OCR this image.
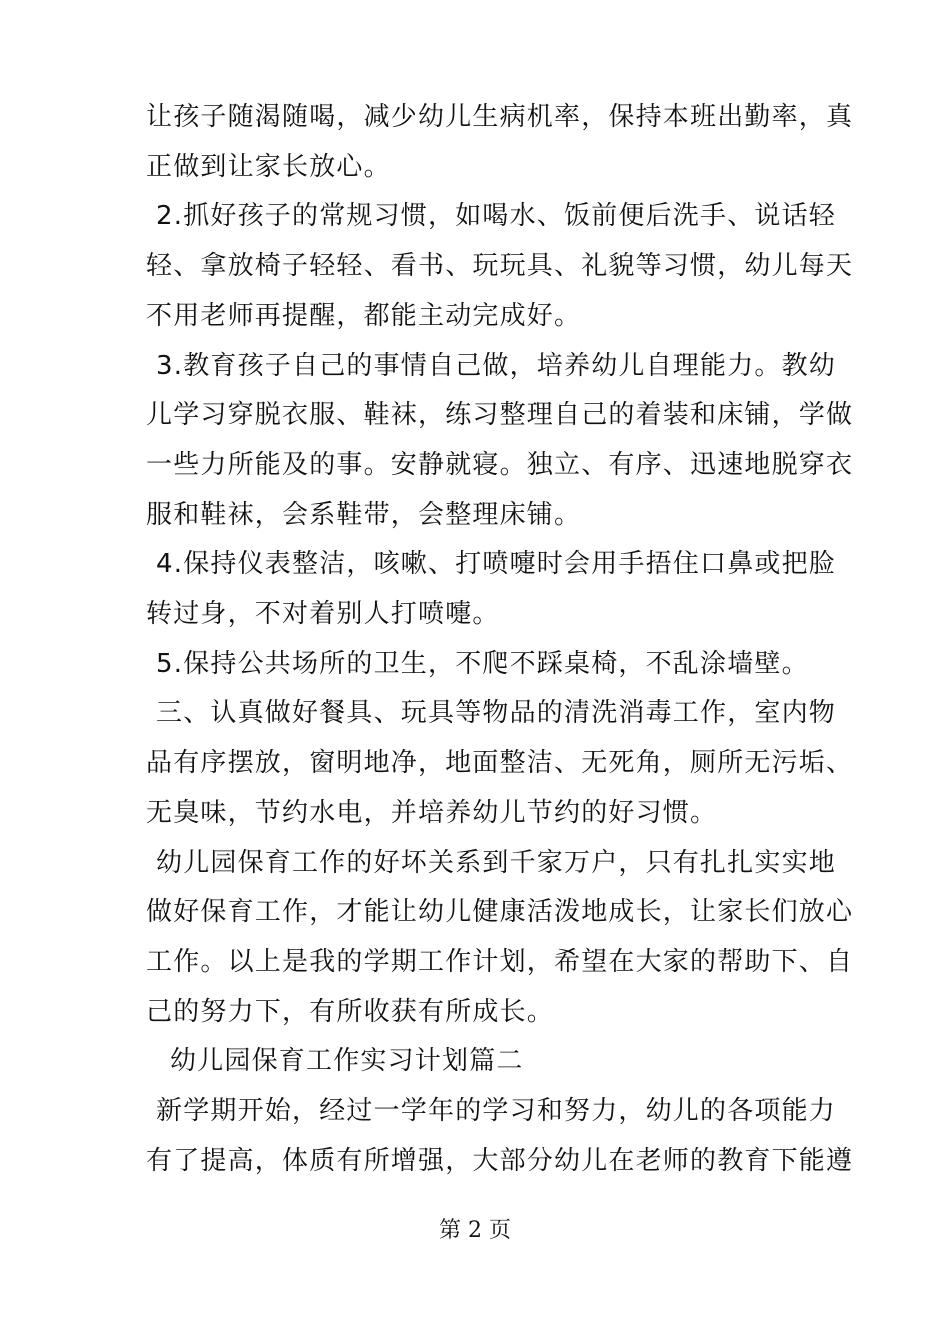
让孩子随渴随喝，减少幼儿生病机率，保持本班出勤率，真
正做到让家长放心。
2.抓好孩子的常规习惯，如喝水、饭前便后洗手、说话轻
轻、拿放椅子轻轻、看书、玩玩具、礼貌等习惯，幼儿每天
不用老师再提醒，都能主动完成好。
3.教育孩子自己的事情自己做，培养幼儿自理能力。教幼
儿学习穿脱衣服、鞋袜，练习整理自己的着装和床铺，学做
一些力所能及的事。安静就寝。独立、有序、迅速地脱穿衣
服和鞋袜，会系鞋带，会整理床铺。
4.保持仪表整洁，咳嗽、打喷嚏时会用手捂住口鼻或把脸
转过身，不对着别人打喷嚏。
5.保持公共场所的卫生，不爬不踩桌椅，不乱涂墙壁。
三、认真做好餐具、玩具等物品的清洗消毒工作，室内物
品有序摆放，窗明地净，地面整洁、无死角，厕所无污垢、
无臭味，节约水电，并培养幼儿节约的好习惯。
幼儿园保育工作的好坏关系到千家万户，只有扎扎实实地
做好保育工作，才能让幼儿健康活泼地成长，让家长们放心
工作。以上是我的学期工作计划，希望在大家的帮助下、自
己的努力下，有所收获有所成长。
幼儿园保育工作实习计划篇二
新学期开始，经过一学年的学习和努力，幼儿的各项能力
有了提高，体质有所增强，大部分幼儿在老师的教育下能遵
第 2 页
